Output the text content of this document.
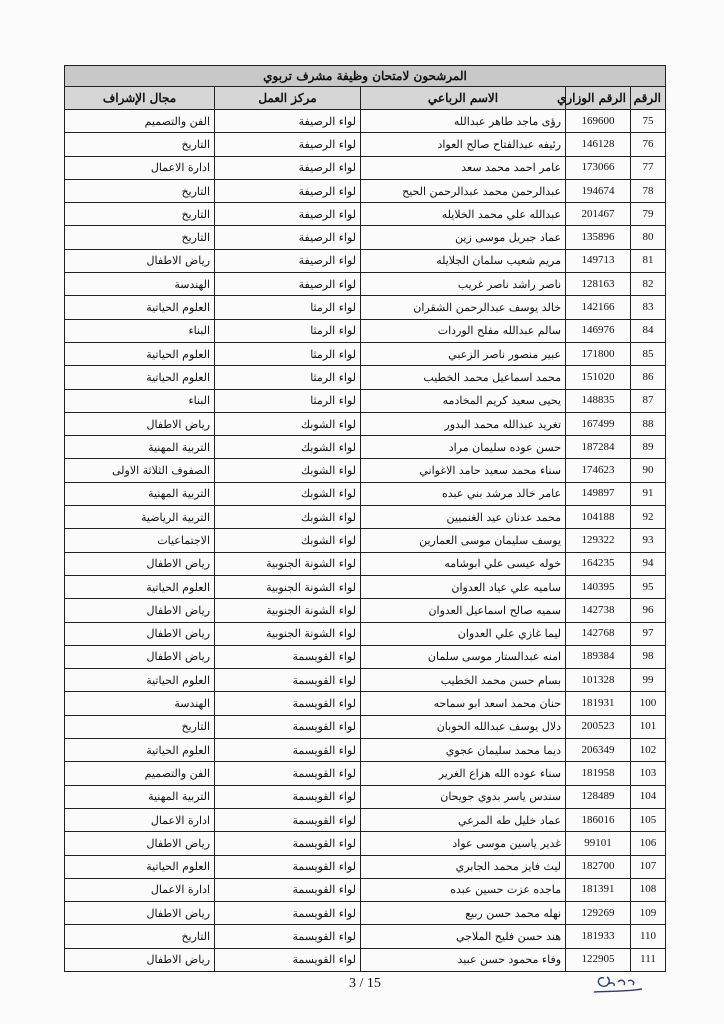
المرشحون لامتحان وظيفة مشرف تربوي				
الرقم	الرقم الوزاري	الاسم الرباعي	مركز العمل	مجال الإشراف
75	169600	رؤى ماجد طاهر عبدالله	لواء الرصيفة	الفن والتصميم
76	146128	رئيفه عبدالفتاح صالح العواد	لواء الرصيفة	التاريخ
77	173066	عامر احمد محمد سعد	لواء الرصيفة	ادارة الاعمال
78	194674	عبدالرحمن محمد عبدالرحمن الحيح	لواء الرصيفة	التاريخ
79	201467	عبدالله علي محمد الخلايله	لواء الرصيفة	التاريخ
80	135896	عماد جبريل موسى زين	لواء الرصيفة	التاريخ
81	149713	مريم شعيب سلمان الجلايله	لواء الرصيفة	رياض الاطفال
82	128163	ناصر راشد ناصر غريب	لواء الرصيفة	الهندسة
83	142166	خالد يوسف عبدالرحمن الشقران	لواء الرمثا	العلوم الحياتية
84	146976	سالم عبدالله مفلح الوردات	لواء الرمثا	البناء
85	171800	عبير منصور ناصر الزعبي	لواء الرمثا	العلوم الحياتية
86	151020	محمد اسماعيل محمد الخطيب	لواء الرمثا	العلوم الحياتية
87	148835	يحيى سعيد كريم المخادمه	لواء الرمثا	البناء
88	167499	تغريد عبدالله محمد البدور	لواء الشوبك	رياض الاطفال
89	187284	حسن عوده سليمان مراد	لواء الشوبك	التربية المهنية
90	174623	سناء محمد سعيد حامد الاغواني	لواء الشوبك	الصفوف الثلاثة الاولى
91	149897	عامر خالد مرشد بني عبده	لواء الشوبك	التربية المهنية
92	104188	محمد عدنان عيد الغنميين	لواء الشوبك	التربية الرياضية
93	129322	يوسف سليمان موسى العمارين	لواء الشوبك	الاجتماعيات
94	164235	خوله عيسى علي ابوشامه	لواء الشونة الجنوبية	رياض الاطفال
95	140395	ساميه علي عياد العدوان	لواء الشونة الجنوبية	العلوم الحياتية
96	142738	سميه صالح اسماعيل العدوان	لواء الشونة الجنوبية	رياض الاطفال
97	142768	ليما غازي علي العدوان	لواء الشونة الجنوبية	رياض الاطفال
98	189384	امنه عبدالستار موسى سلمان	لواء القويسمة	رياض الاطفال
99	101328	بسام حسن محمد الخطيب	لواء القويسمة	العلوم الحياتية
100	181931	حنان محمد اسعد ابو سماحه	لواء القويسمة	الهندسة
101	200523	دلال يوسف عبدالله الحوبان	لواء القويسمة	التاريخ
102	206349	ديما محمد سليمان عجوي	لواء القويسمة	العلوم الحياتية
103	181958	سناء عوده الله هزاع الغرير	لواء القويسمة	الفن والتصميم
104	128489	سندس ياسر بدوي جويحان	لواء القويسمة	التربية المهنية
105	186016	عماد خليل طه المرعي	لواء القويسمة	ادارة الاعمال
106	99101	غدير ياسين موسى عواد	لواء القويسمة	رياض الاطفال
107	182700	ليث فايز محمد الجابري	لواء القويسمة	العلوم الحياتية
108	181391	ماجده عزت حسين عبده	لواء القويسمة	ادارة الاعمال
109	129269	نهله محمد حسن ربيع	لواء القويسمة	رياض الاطفال
110	181933	هند حسن فليح الملاجي	لواء القويسمة	التاريخ
111	122905	وفاء محمود حسن عبيد	لواء القويسمة	رياض الاطفال
3 / 15
